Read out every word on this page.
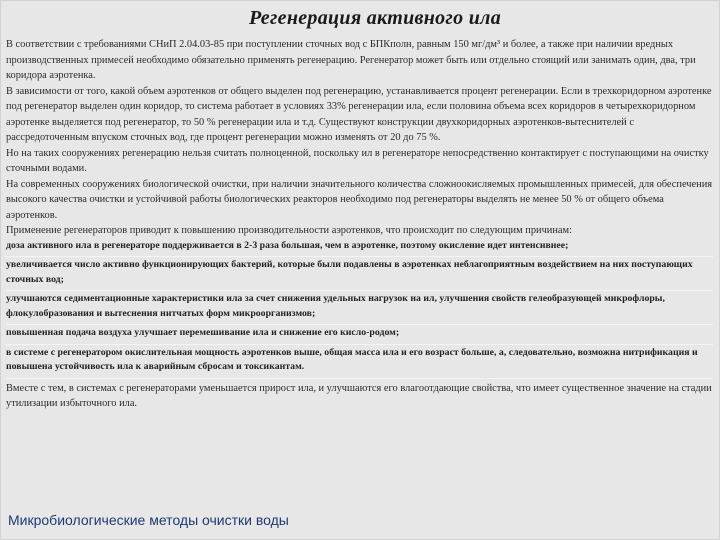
Регенерация активного ила

В соответствии с требованиями СНиП 2.04.03-85 при поступлении сточных вод с БПКполн, равным 150 мг/дм³ и более, а также при наличии вредных производственных примесей необходимо обязательно применять регенерацию. Регенератор может быть или отдельно стоящий или занимать один, два, три коридора аэротенка.

В зависимости от того, какой объем аэротенков от общего выделен под регенерацию, устанавливается процент регенерации. Если в трехкоридорном аэротенке под регенератор выделен один коридор, то система работает в условиях 33% регенерации ила, если половина объема всех коридоров в четырехкоридорном аэротенке выделяется под регенератор, то 50 % регенерации ила и т.д. Существуют конструкции двухкоридорных аэротенков-вытеснителей с рассредоточенным впуском сточных вод, где процент регенерации можно изменять от 20 до 75 %.

Но на таких сооружениях регенерацию нельзя считать полноценной, поскольку ил в регенераторе непосредственно контактирует с поступающими на очистку сточными водами.

На современных сооружениях биологической очистки, при наличии значительного количества сложноокисляемых промышленных примесей, для обеспечения высокого качества очистки и устойчивой работы биологических реакторов необходимо под регенераторы выделять не менее 50 % от общего объема аэротенков.

Применение регенераторов приводит к повышению производительности аэротенков, что происходит по следующим причинам:

доза активного ила в регенераторе поддерживается в 2-3 раза большая, чем в аэротенке, поэтому окисление идет интенсивнее;
увеличивается число активно функционирующих бактерий, которые были подавлены в аэротенках неблагоприятным воздействием на них поступающих сточных вод;
улучшаются седиментационные характеристики ила за счет снижения удельных нагрузок на ил, улучшения свойств гелеобразующей микрофлоры, флокулобразования и вытеснения нитчатых форм микроорганизмов;
повышенная подача воздуха улучшает перемешивание ила и снижение его кисло-родом;
в системе с регенератором окислительная мощность аэротенков выше, общая масса ила и его возраст больше, а, следовательно, возможна нитрификация и повышена устойчивость ила к аварийным сбросам и токсикантам.

Вместе с тем, в системах с регенераторами уменьшается прирост ила, и улучшаются его влагоотдающие свойства, что имеет существенное значение на стадии утилизации избыточного ила.

Микробиологические методы очистки воды
